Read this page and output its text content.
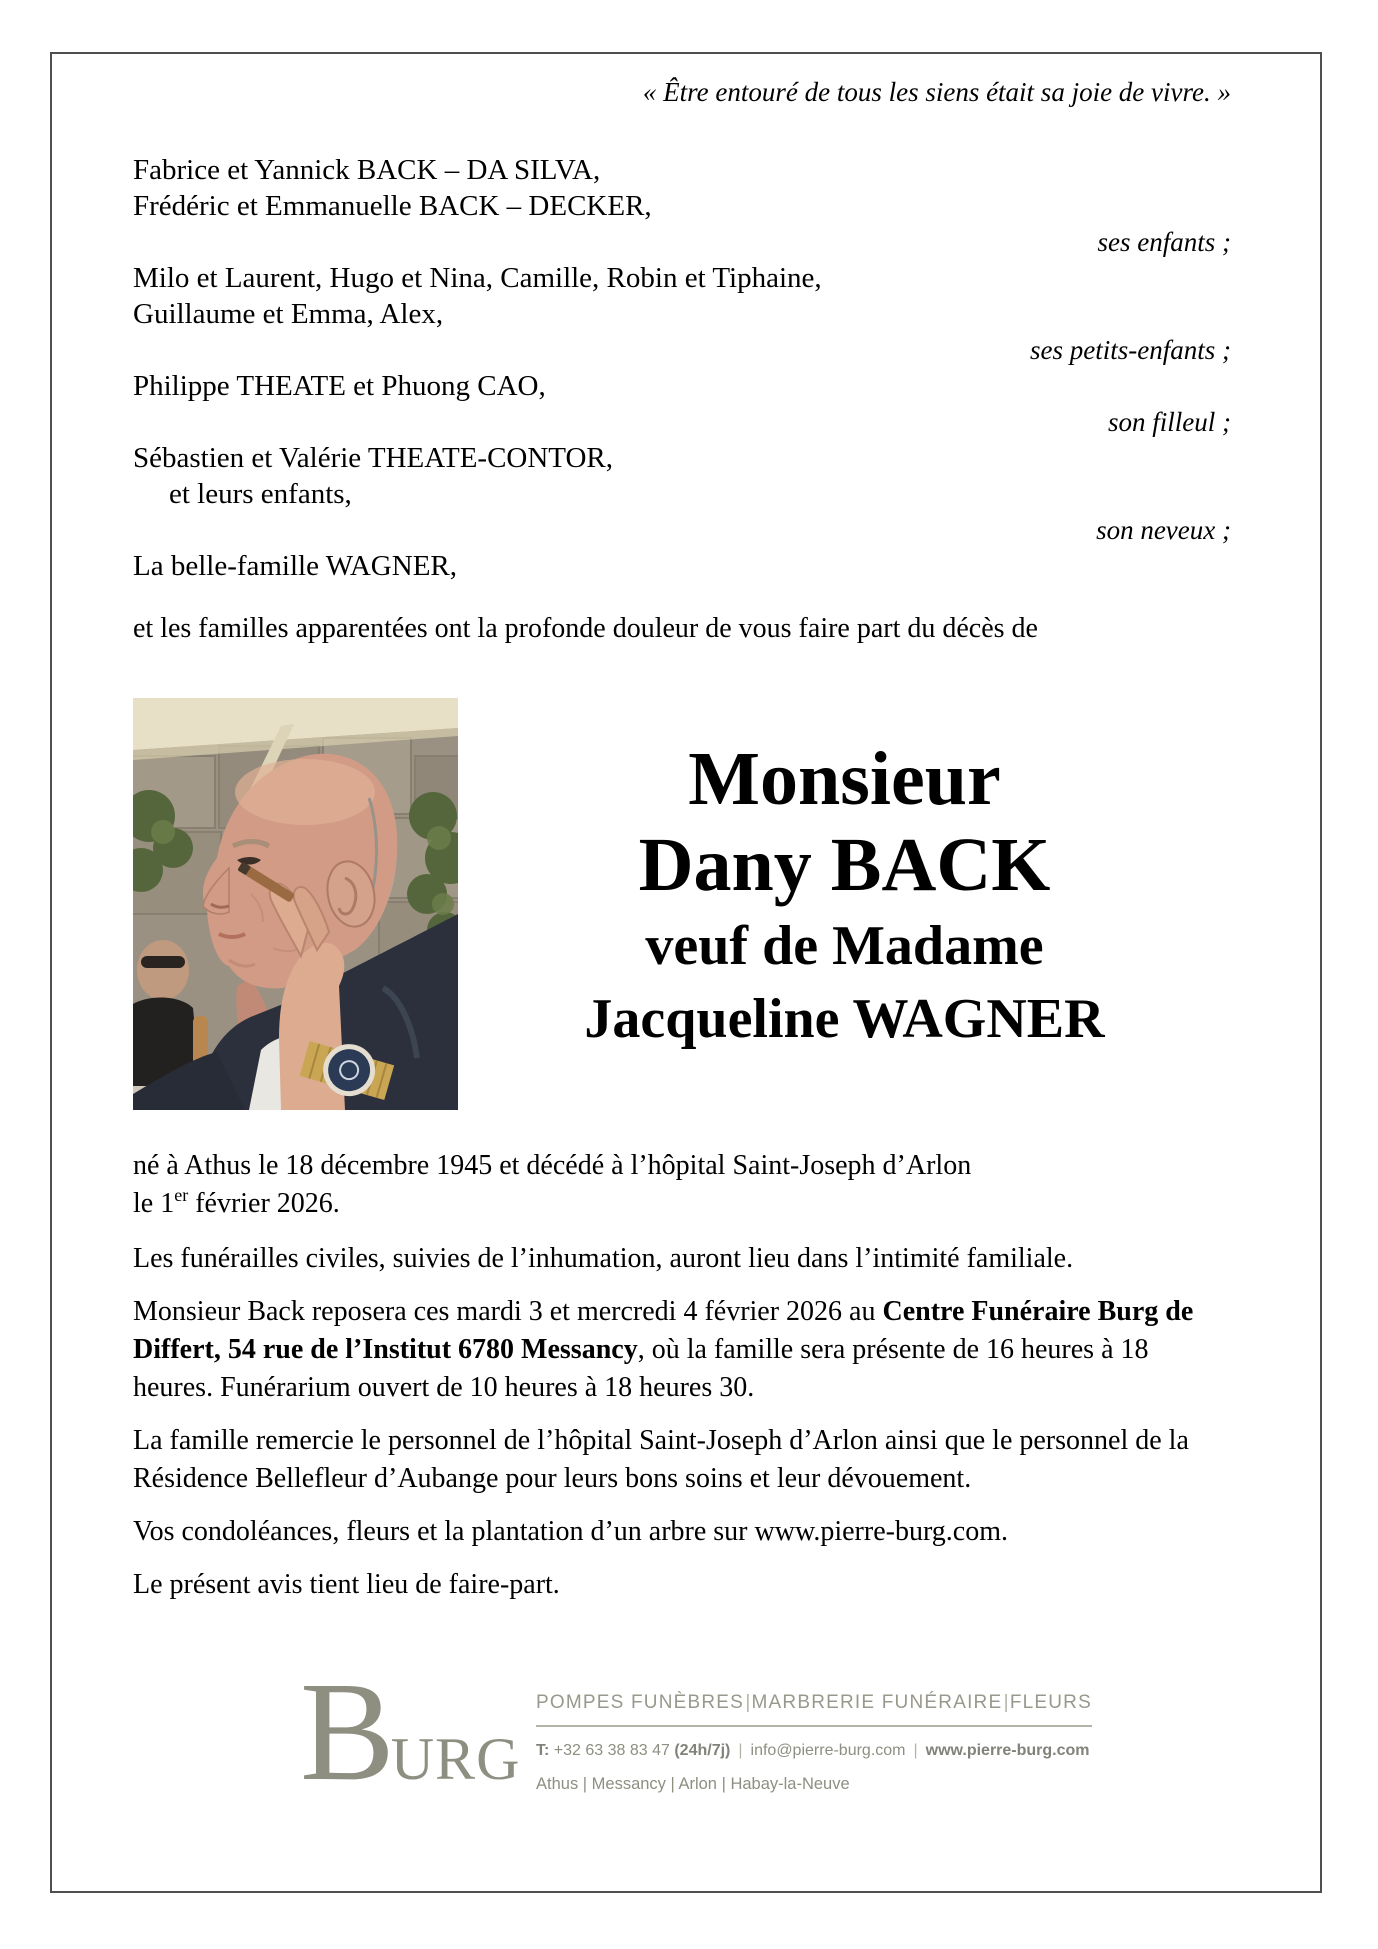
« Être entouré de tous les siens était sa joie de vivre. »
Fabrice et Yannick BACK – DA SILVA,
Frédéric et Emmanuelle BACK – DECKER,
ses enfants ;
Milo et Laurent, Hugo et Nina, Camille, Robin et Tiphaine,
Guillaume et Emma, Alex,
ses petits-enfants ;
Philippe THEATE et Phuong CAO,
son filleul ;
Sébastien et Valérie THEATE-CONTOR,
et leurs enfants,
son neveux ;
La belle-famille WAGNER,
et les familles apparentées ont la profonde douleur de vous faire part du décès de
Monsieur
Dany BACK
veuf de Madame
Jacqueline WAGNER

né à Athus le 18 décembre 1945 et décédé à l’hôpital Saint-Joseph d’Arlon
le 1er février 2026.

Les funérailles civiles, suivies de l’inhumation, auront lieu dans l’intimité familiale.

Monsieur Back reposera ces mardi 3 et mercredi 4 février 2026 au Centre Funéraire Burg de Differt, 54 rue de l’Institut 6780 Messancy, où la famille sera présente de 16 heures à 18 heures. Funérarium ouvert de 10 heures à 18 heures 30.

La famille remercie le personnel de l’hôpital Saint-Joseph d’Arlon ainsi que le personnel de la Résidence Bellefleur d’Aubange pour leurs bons soins et leur dévouement.

Vos condoléances, fleurs et la plantation d’un arbre sur www.pierre-burg.com.

Le présent avis tient lieu de faire-part.

B URG
POMPES FUNÈBRES | MARBRERIE FUNÉRAIRE | FLEURS
T: +32 63 38 83 47 (24h/7j) | info@pierre-burg.com | www.pierre-burg.com
Athus | Messancy | Arlon | Habay-la-Neuve
